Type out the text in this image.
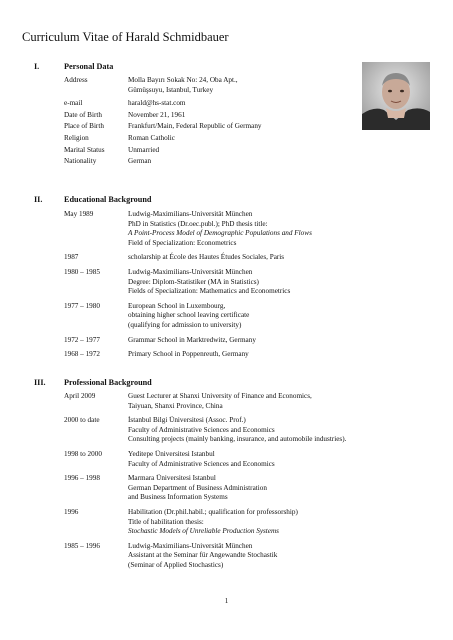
Curriculum Vitae of Harald Schmidbauer
I.	Personal Data
Address	Molla Bayırı Sokak No: 24, Oba Apt.,
Gümüşsuyu, Istanbul, Turkey
e-mail	harald@hs-stat.com
Date of Birth	November 21, 1961
Place of Birth	Frankfurt/Main, Federal Republic of Germany
Religion	Roman Catholic
Marital Status	Unmarried
Nationality	German
II.	Educational Background
May 1989	Ludwig-Maximilians-Universität München
PhD in Statistics (Dr.oec.publ.); PhD thesis title:
A Point-Process Model of Demographic Populations and Flows
Field of Specialization: Econometrics
1987	scholarship at École des Hautes Études Sociales, Paris
1980 – 1985	Ludwig-Maximilians-Universität München
Degree: Diplom-Statistiker (MA in Statistics)
Fields of Specialization: Mathematics and Econometrics
1977 – 1980	European School in Luxembourg,
obtaining higher school leaving certificate
(qualifying for admission to university)
1972 – 1977	Grammar School in Marktredwitz, Germany
1968 – 1972	Primary School in Poppenreuth, Germany
III. Professional Background
April 2009	Guest Lecturer at Shanxi University of Finance and Economics,
Taiyuan, Shanxi Province, China
2000 to date	İstanbul Bilgi Üniversitesi (Assoc. Prof.)
Faculty of Administrative Sciences and Economics
Consulting projects (mainly banking, insurance, and automobile industries).
1998 to 2000	Yeditepe Üniversitesi Istanbul
Faculty of Administrative Sciences and Economics
1996 – 1998	Marmara Üniversitesi Istanbul
German Department of Business Administration
and Business Information Systems
1996	Habilitation (Dr.phil.habil.; qualification for professorship)
Title of habilitation thesis:
Stochastic Models of Unreliable Production Systems
1985 – 1996	Ludwig-Maximilians-Universität München
Assistant at the Seminar für Angewandte Stochastik
(Seminar of Applied Stochastics)
1
